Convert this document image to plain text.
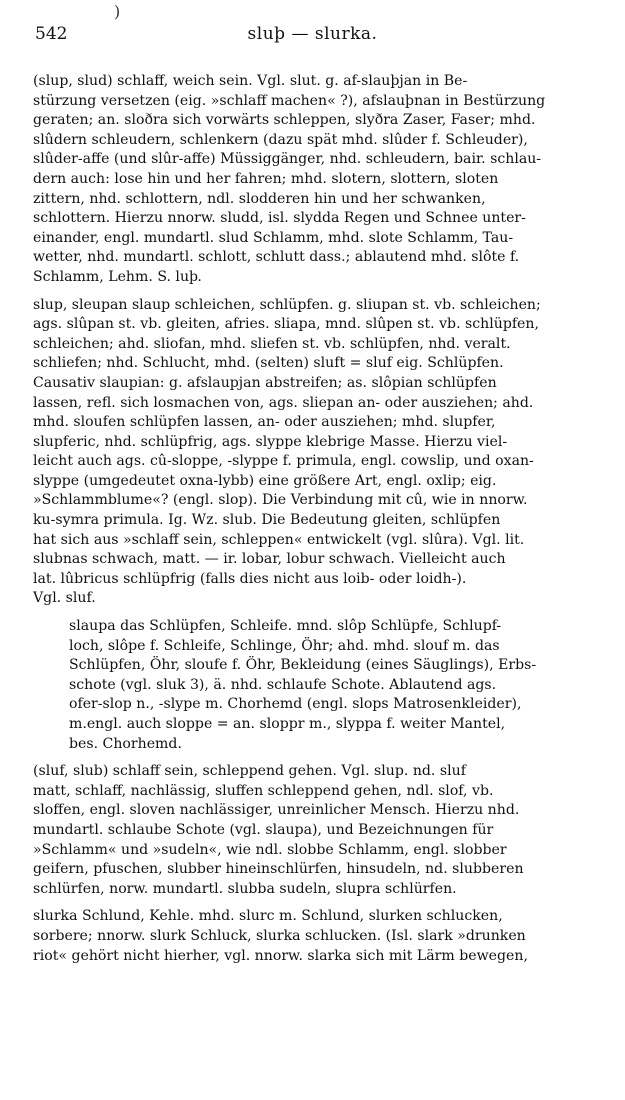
)
542	sluþ — slurka.
(slup, slud) schlaff, weich sein. Vgl. slut. g. af-slauþjan in Be-
stürzung versetzen (eig. »schlaff machen« ?), afslauþnan in Bestürzung
geraten; an. sloðra sich vorwärts schleppen, slyðra Zaser, Faser; mhd.
slûdern schleudern, schlenkern (dazu spät mhd. slûder f. Schleuder),
slûder-affe (und slûr-affe) Müssiggänger, nhd. schleudern, bair. schlau-
dern auch: lose hin und her fahren; mhd. slotern, slottern, sloten
zittern, nhd. schlottern, ndl. slodderen hin und her schwanken,
schlottern. Hierzu nnorw. sludd, isl. slydda Regen und Schnee unter-
einander, engl. mundartl. slud Schlamm, mhd. slote Schlamm, Tau-
wetter, nhd. mundartl. schlott, schlutt dass.; ablautend mhd. slôte f.
Schlamm, Lehm. S. luþ.
slup, sleupan slaup schleichen, schlüpfen. g. sliupan st. vb. schleichen;
ags. slûpan st. vb. gleiten, afries. sliapa, mnd. slûpen st. vb. schlüpfen,
schleichen; ahd. sliofan, mhd. sliefen st. vb. schlüpfen, nhd. veralt.
schliefen; nhd. Schlucht, mhd. (selten) sluft = sluf eig. Schlüpfen.
Causativ slaupian: g. afslaupjan abstreifen; as. slôpian schlüpfen
lassen, refl. sich losmachen von, ags. sliepan an- oder ausziehen; ahd.
mhd. sloufen schlüpfen lassen, an- oder ausziehen; mhd. slupfer,
slupferic, nhd. schlüpfrig, ags. slyppe klebrige Masse. Hierzu viel-
leicht auch ags. cû-sloppe, -slyppe f. primula, engl. cowslip, und oxan-
slyppe (umgedeutet oxna-lybb) eine größere Art, engl. oxlip; eig.
»Schlammblume«? (engl. slop). Die Verbindung mit cû, wie in nnorw.
ku-symra primula. Ig. Wz. slub. Die Bedeutung gleiten, schlüpfen
hat sich aus »schlaff sein, schleppen« entwickelt (vgl. slûra). Vgl. lit.
slubnas schwach, matt. — ir. lobar, lobur schwach. Vielleicht auch
lat. lûbricus schlüpfrig (falls dies nicht aus loib- oder loidh-).
Vgl. sluf.
slaupa das Schlüpfen, Schleife. mnd. slôp Schlüpfe, Schlupf-
loch, slôpe f. Schleife, Schlinge, Öhr; ahd. mhd. slouf m. das
Schlüpfen, Öhr, sloufe f. Öhr, Bekleidung (eines Säuglings), Erbs-
schote (vgl. sluk 3), ä. nhd. schlaufe Schote. Ablautend ags.
ofer-slop n., -slype m. Chorhemd (engl. slops Matrosenkleider),
m.engl. auch sloppe = an. sloppr m., slyppa f. weiter Mantel,
bes. Chorhemd.
(sluf, slub) schlaff sein, schleppend gehen. Vgl. slup. nd. sluf
matt, schlaff, nachlässig, sluffen schleppend gehen, ndl. slof, vb.
sloffen, engl. sloven nachlässiger, unreinlicher Mensch. Hierzu nhd.
mundartl. schlaube Schote (vgl. slaupa), und Bezeichnungen für
»Schlamm« und »sudeln«, wie ndl. slobbe Schlamm, engl. slobber
geifern, pfuschen, slubber hineinschlürfen, hinsudeln, nd. slubberen
schlürfen, norw. mundartl. slubba sudeln, slupra schlürfen.
slurka Schlund, Kehle. mhd. slurc m. Schlund, slurken schlucken,
sorbere; nnorw. slurk Schluck, slurka schlucken. (Isl. slark »drunken
riot« gehört nicht hierher, vgl. nnorw. slarka sich mit Lärm bewegen,
